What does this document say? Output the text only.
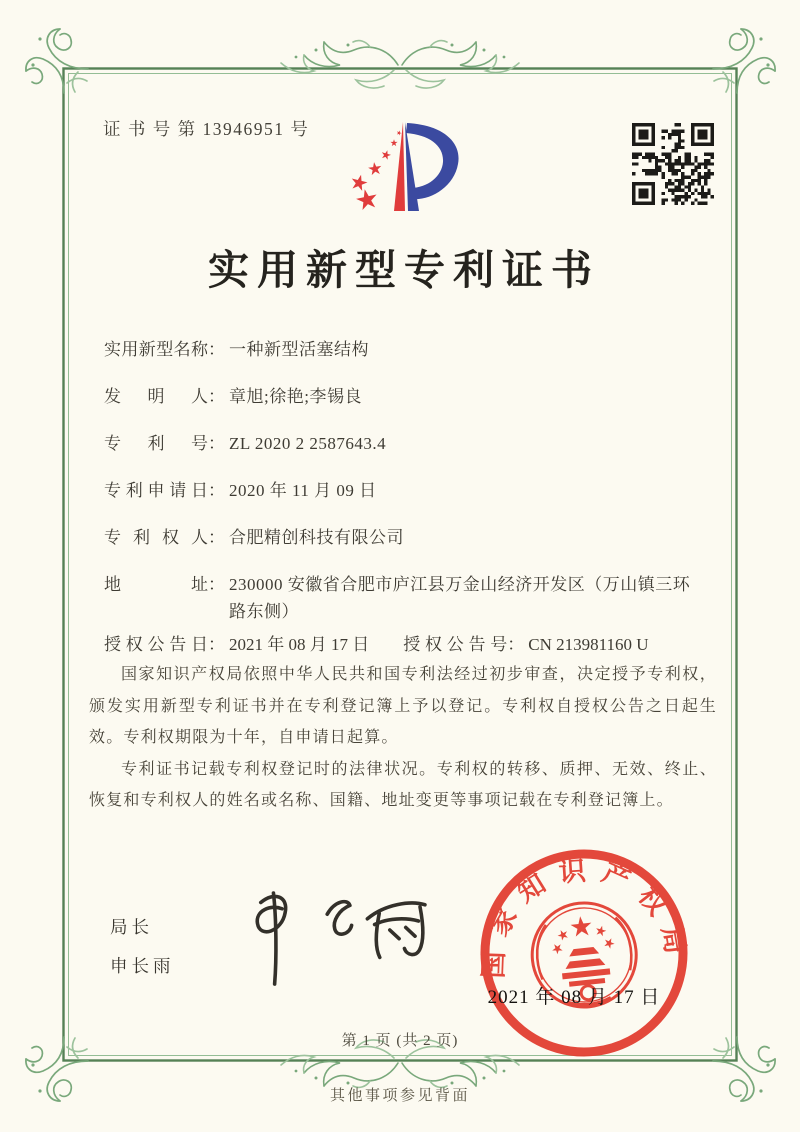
证 书 号 第 13946951 号
实用新型专利证书
实用新型名称 ： 一种新型活塞结构
发明人 ： 章旭;徐艳;李锡良
专利号 ： ZL 2020 2 2587643.4
专利申请日 ： 2020 年 11 月 09 日
专利权人 ： 合肥精创科技有限公司
地址 ： 230000 安徽省合肥市庐江县万金山经济开发区（万山镇三环路东侧）
授权公告日 ： 2021 年 08 月 17 日 授权公告号 ： CN 213981160 U

国家知识产权局依照中华人民共和国专利法经过初步审查，决定授予专利权，颁发实用新型专利证书并在专利登记簿上予以登记。专利权自授权公告之日起生效。专利权期限为十年，自申请日起算。

专利证书记载专利权登记时的法律状况。专利权的转移、质押、无效、终止、恢复和专利权人的姓名或名称、国籍、地址变更等事项记载在专利登记簿上。

局长
申长雨	国家知识产权局
2021 年 08 月 17 日
第 1 页 (共 2 页)
其他事项参见背面
